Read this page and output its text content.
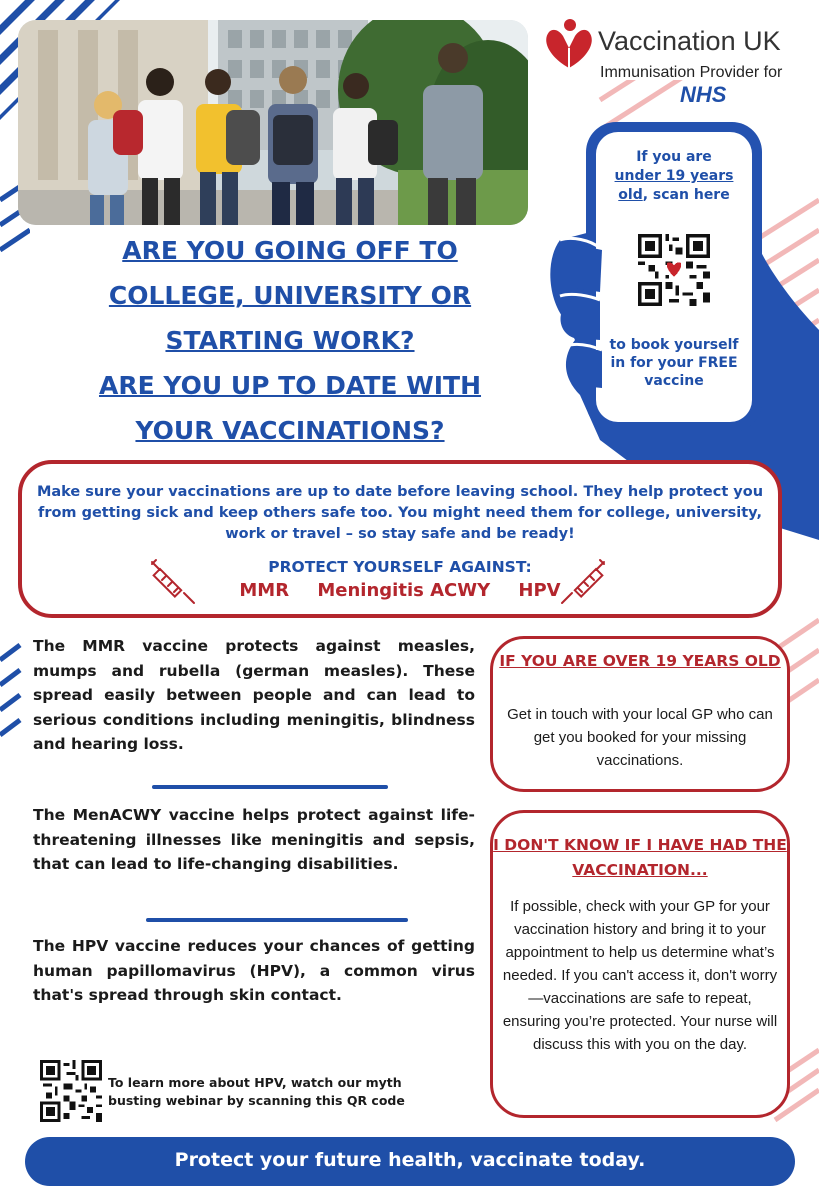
Vaccination UK
Immunisation Provider for
NHS
If you are
under 19 years
old, scan here
to book yourself in for your FREE vaccine
ARE YOU GOING OFF TO
COLLEGE, UNIVERSITY OR
STARTING WORK?
ARE YOU UP TO DATE WITH
YOUR VACCINATIONS?
Make sure your vaccinations are up to date before leaving school. They help protect you from getting sick and keep others safe too. You might need them for college, university, work or travel – so stay safe and be ready!
PROTECT YOURSELF AGAINST:
MMR Meningitis ACWY HPV
The MMR vaccine protects against measles, mumps and rubella (german measles). These spread easily between people and can lead to serious conditions including meningitis, blindness and hearing loss.
The MenACWY vaccine helps protect against life-threatening illnesses like meningitis and sepsis, that can lead to life-changing disabilities.
The HPV vaccine reduces your chances of getting human papillomavirus (HPV), a common virus that's spread through skin contact.
To learn more about HPV, watch our myth busting webinar by scanning this QR code
IF YOU ARE OVER 19 YEARS OLD
Get in touch with your local GP who can get you booked for your missing vaccinations.
I DON'T KNOW IF I HAVE HAD THE VACCINATION...
If possible, check with your GP for your vaccination history and bring it to your appointment to help us determine what’s needed. If you can't access it, don't worry—vaccinations are safe to repeat, ensuring you’re protected. Your nurse will discuss this with you on the day.
Protect your future health, vaccinate today.
